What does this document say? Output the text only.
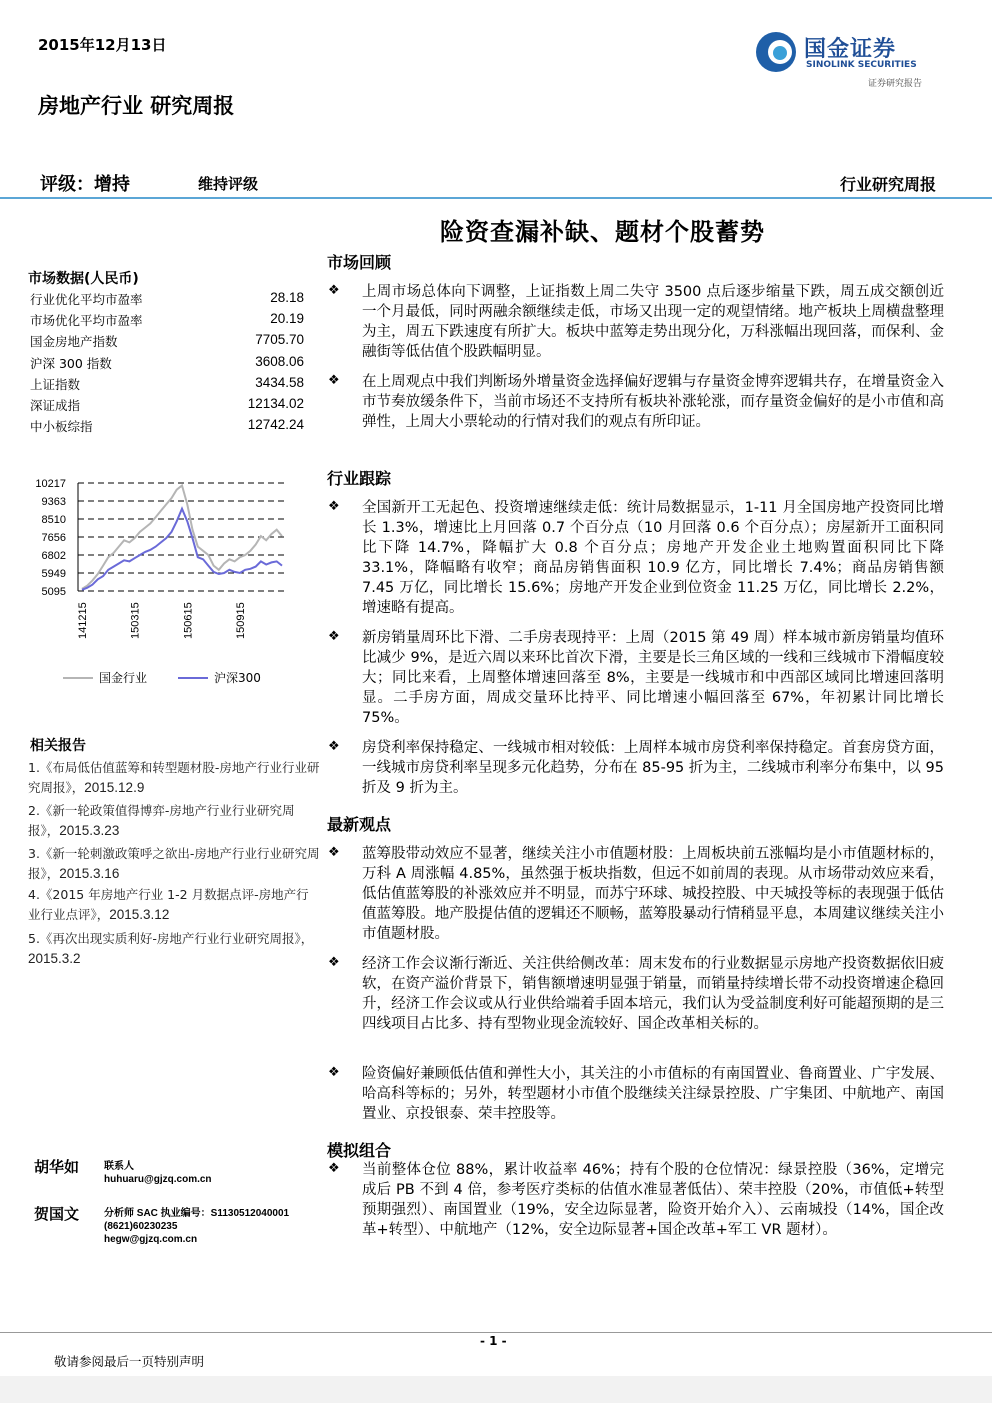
2015年12月13日	国金证券
SINOLINK SECURITIES
证券研究报告
房地产行业 研究周报
评级：增持	维持评级	行业研究周报
险资查漏补缺、题材个股蓄势
市场数据(人民币)
行业优化平均市盈率	28.18
市场优化平均市盈率	20.19
国金房地产指数	7705.70
沪深 300 指数	3608.06
上证指数	3434.58
深证成指	12134.02
中小板综指	12742.24
10217
9363
8510
7656
6802
5949
5095
141215	150315	150615	150915
国金行业	沪深300
相关报告
1.《布局低估值蓝筹和转型题材股-房地产行业行业研究周报》，2015.12.9
2.《新一轮政策值得博弈-房地产行业行业研究周报》，2015.3.23
3.《新一轮刺激政策呼之欲出-房地产行业行业研究周报》，2015.3.16
4.《2015 年房地产行业 1-2 月数据点评-房地产行业行业点评》，2015.3.12
5.《再次出现实质利好-房地产行业行业研究周报》，2015.3.2
胡华如 联系人
huhuaru@gjzq.com.cn
贺国文 分析师 SAC 执业编号：S1130512040001
(8621)60230235
hegw@gjzq.com.cn
市场回顾
❖ 上周市场总体向下调整，上证指数上周二失守 3500 点后逐步缩量下跌，周五成交额创近一个月最低，同时两融余额继续走低，市场又出现一定的观望情绪。地产板块上周横盘整理为主，周五下跌速度有所扩大。板块中蓝筹走势出现分化，万科涨幅出现回落，而保利、金融街等低估值个股跌幅明显。
❖ 在上周观点中我们判断场外增量资金选择偏好逻辑与存量资金博弈逻辑共存，在增量资金入市节奏放缓条件下，当前市场还不支持所有板块补涨轮涨，而存量资金偏好的是小市值和高弹性，上周大小票轮动的行情对我们的观点有所印证。
行业跟踪
❖ 全国新开工无起色、投资增速继续走低：统计局数据显示，1-11 月全国房地产投资同比增长 1.3%，增速比上月回落 0.7 个百分点（10 月回落 0.6 个百分点）；房屋新开工面积同比下降 14.7%，降幅扩大 0.8 个百分点；房地产开发企业土地购置面积同比下降 33.1%，降幅略有收窄；商品房销售面积 10.9 亿方，同比增长 7.4%；商品房销售额 7.45 万亿，同比增长 15.6%；房地产开发企业到位资金 11.25 万亿，同比增长 2.2%，增速略有提高。
❖ 新房销量周环比下滑、二手房表现持平：上周（2015 第 49 周）样本城市新房销量均值环比减少 9%，是近六周以来环比首次下滑，主要是长三角区域的一线和三线城市下滑幅度较大；同比来看，上周整体增速回落至 8%，主要是一线城市和中西部区域同比增速回落明显。二手房方面，周成交量环比持平、同比增速小幅回落至 67%，年初累计同比增长 75%。
❖ 房贷利率保持稳定、一线城市相对较低：上周样本城市房贷利率保持稳定。首套房贷方面，一线城市房贷利率呈现多元化趋势，分布在 85-95 折为主，二线城市利率分布集中，以 95 折及 9 折为主。
最新观点
❖ 蓝筹股带动效应不显著，继续关注小市值题材股：上周板块前五涨幅均是小市值题材标的，万科 A 周涨幅 4.85%，虽然强于板块指数，但远不如前周的表现。从市场带动效应来看，低估值蓝筹股的补涨效应并不明显，而苏宁环球、城投控股、中天城投等标的表现强于低估值蓝筹股。地产股提估值的逻辑还不顺畅，蓝筹股暴动行情稍显平息，本周建议继续关注小市值题材股。
❖ 经济工作会议渐行渐近、关注供给侧改革：周末发布的行业数据显示房地产投资数据依旧疲软，在资产溢价背景下，销售额增速明显强于销量，而销量持续增长带不动投资增速企稳回升，经济工作会议或从行业供给端着手固本培元，我们认为受益制度利好可能超预期的是三四线项目占比多、持有型物业现金流较好、国企改革相关标的。
❖ 险资偏好兼顾低估值和弹性大小，其关注的小市值标的有南国置业、鲁商置业、广宇发展、哈高科等标的；另外，转型题材小市值个股继续关注绿景控股、广宇集团、中航地产、南国置业、京投银泰、荣丰控股等。
模拟组合
❖ 当前整体仓位 88%，累计收益率 46%；持有个股的仓位情况：绿景控股（36%，定增完成后 PB 不到 4 倍，参考医疗类标的估值水准显著低估）、荣丰控股（20%，市值低+转型预期强烈）、南国置业（19%，安全边际显著，险资开始介入）、云南城投（14%，国企改革+转型）、中航地产（12%，安全边际显著+国企改革+军工 VR 题材）。
- 1 -
敬请参阅最后一页特别声明
